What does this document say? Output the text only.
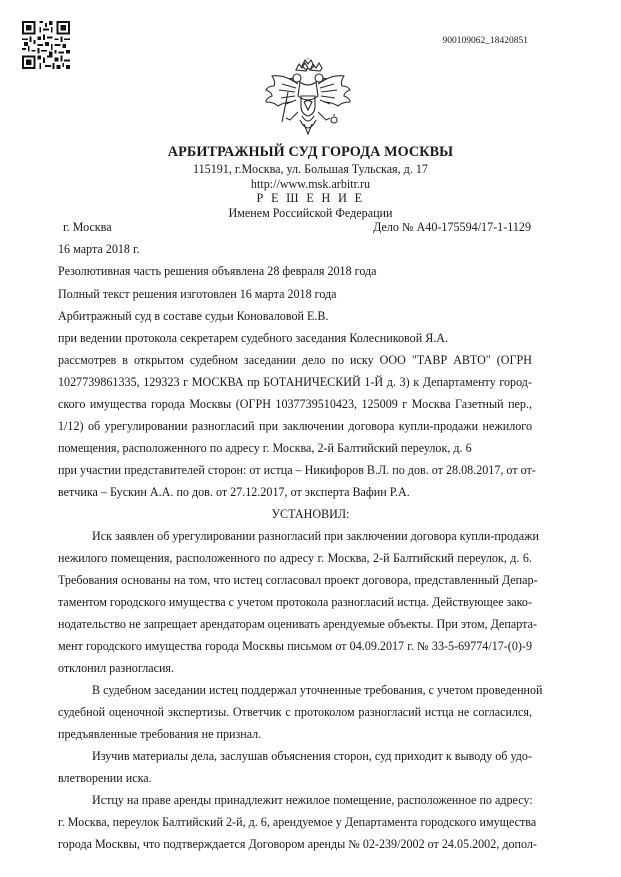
900109062_18420851
АРБИТРАЖНЫЙ СУД ГОРОДА МОСКВЫ
115191, г.Москва, ул. Большая Тульская, д. 17
http://www.msk.arbitr.ru
Р Е Ш Е Н И Е
Именем Российской Федерации
г. Москва	Дело № А40-175594/17-1-1129
16 марта 2018 г.
Резолютивная часть решения объявлена 28 февраля 2018 года
Полный текст решения изготовлен 16 марта 2018 года
Арбитражный суд в составе судьи Коноваловой Е.В.
при ведении протокола секретарем судебного заседания Колесниковой Я.А.
рассмотрев в открытом судебном заседании дело по иску ООО "ТАВР АВТО" (ОГРН
1027739861335, 129323 г МОСКВА пр БОТАНИЧЕСКИЙ 1-Й д. 3) к Департаменту город-
ского имущества города Москвы (ОГРН 1037739510423, 125009 г Москва Газетный пер.,
1/12) об урегулировании разногласий при заключении договора купли-продажи нежилого
помещения, расположенного по адресу г. Москва, 2-й Балтийский переулок, д. 6
при участии представителей сторон: от истца – Никифоров В.Л. по дов. от 28.08.2017, от от-
ветчика – Бускин А.А. по дов. от 27.12.2017, от эксперта Вафин Р.А.
УСТАНОВИЛ:
Иск заявлен об урегулировании разногласий при заключении договора купли-продажи
нежилого помещения, расположенного по адресу г. Москва, 2-й Балтийский переулок, д. 6.
Требования основаны на том, что истец согласовал проект договора, представленный Депар-
таментом городского имущества с учетом протокола разногласий истца. Действующее зако-
нодательство не запрещает арендаторам оценивать арендуемые объекты. При этом, Департа-
мент городского имущества города Москвы письмом от 04.09.2017 г. № 33-5-69774/17-(0)-9
отклонил разногласия.
В судебном заседании истец поддержал уточненные требования, с учетом проведенной
судебной оценочной экспертизы. Ответчик с протоколом разногласий истца не согласился,
предъявленные требования не признал.
Изучив материалы дела, заслушав объяснения сторон, суд приходит к выводу об удо-
влетворении иска.
Истцу на праве аренды принадлежит нежилое помещение, расположенное по адресу:
г. Москва, переулок Балтийский 2-й, д. 6, арендуемое у Департамента городского имущества
города Москвы, что подтверждается Договором аренды № 02-239/2002 от 24.05.2002, допол-
